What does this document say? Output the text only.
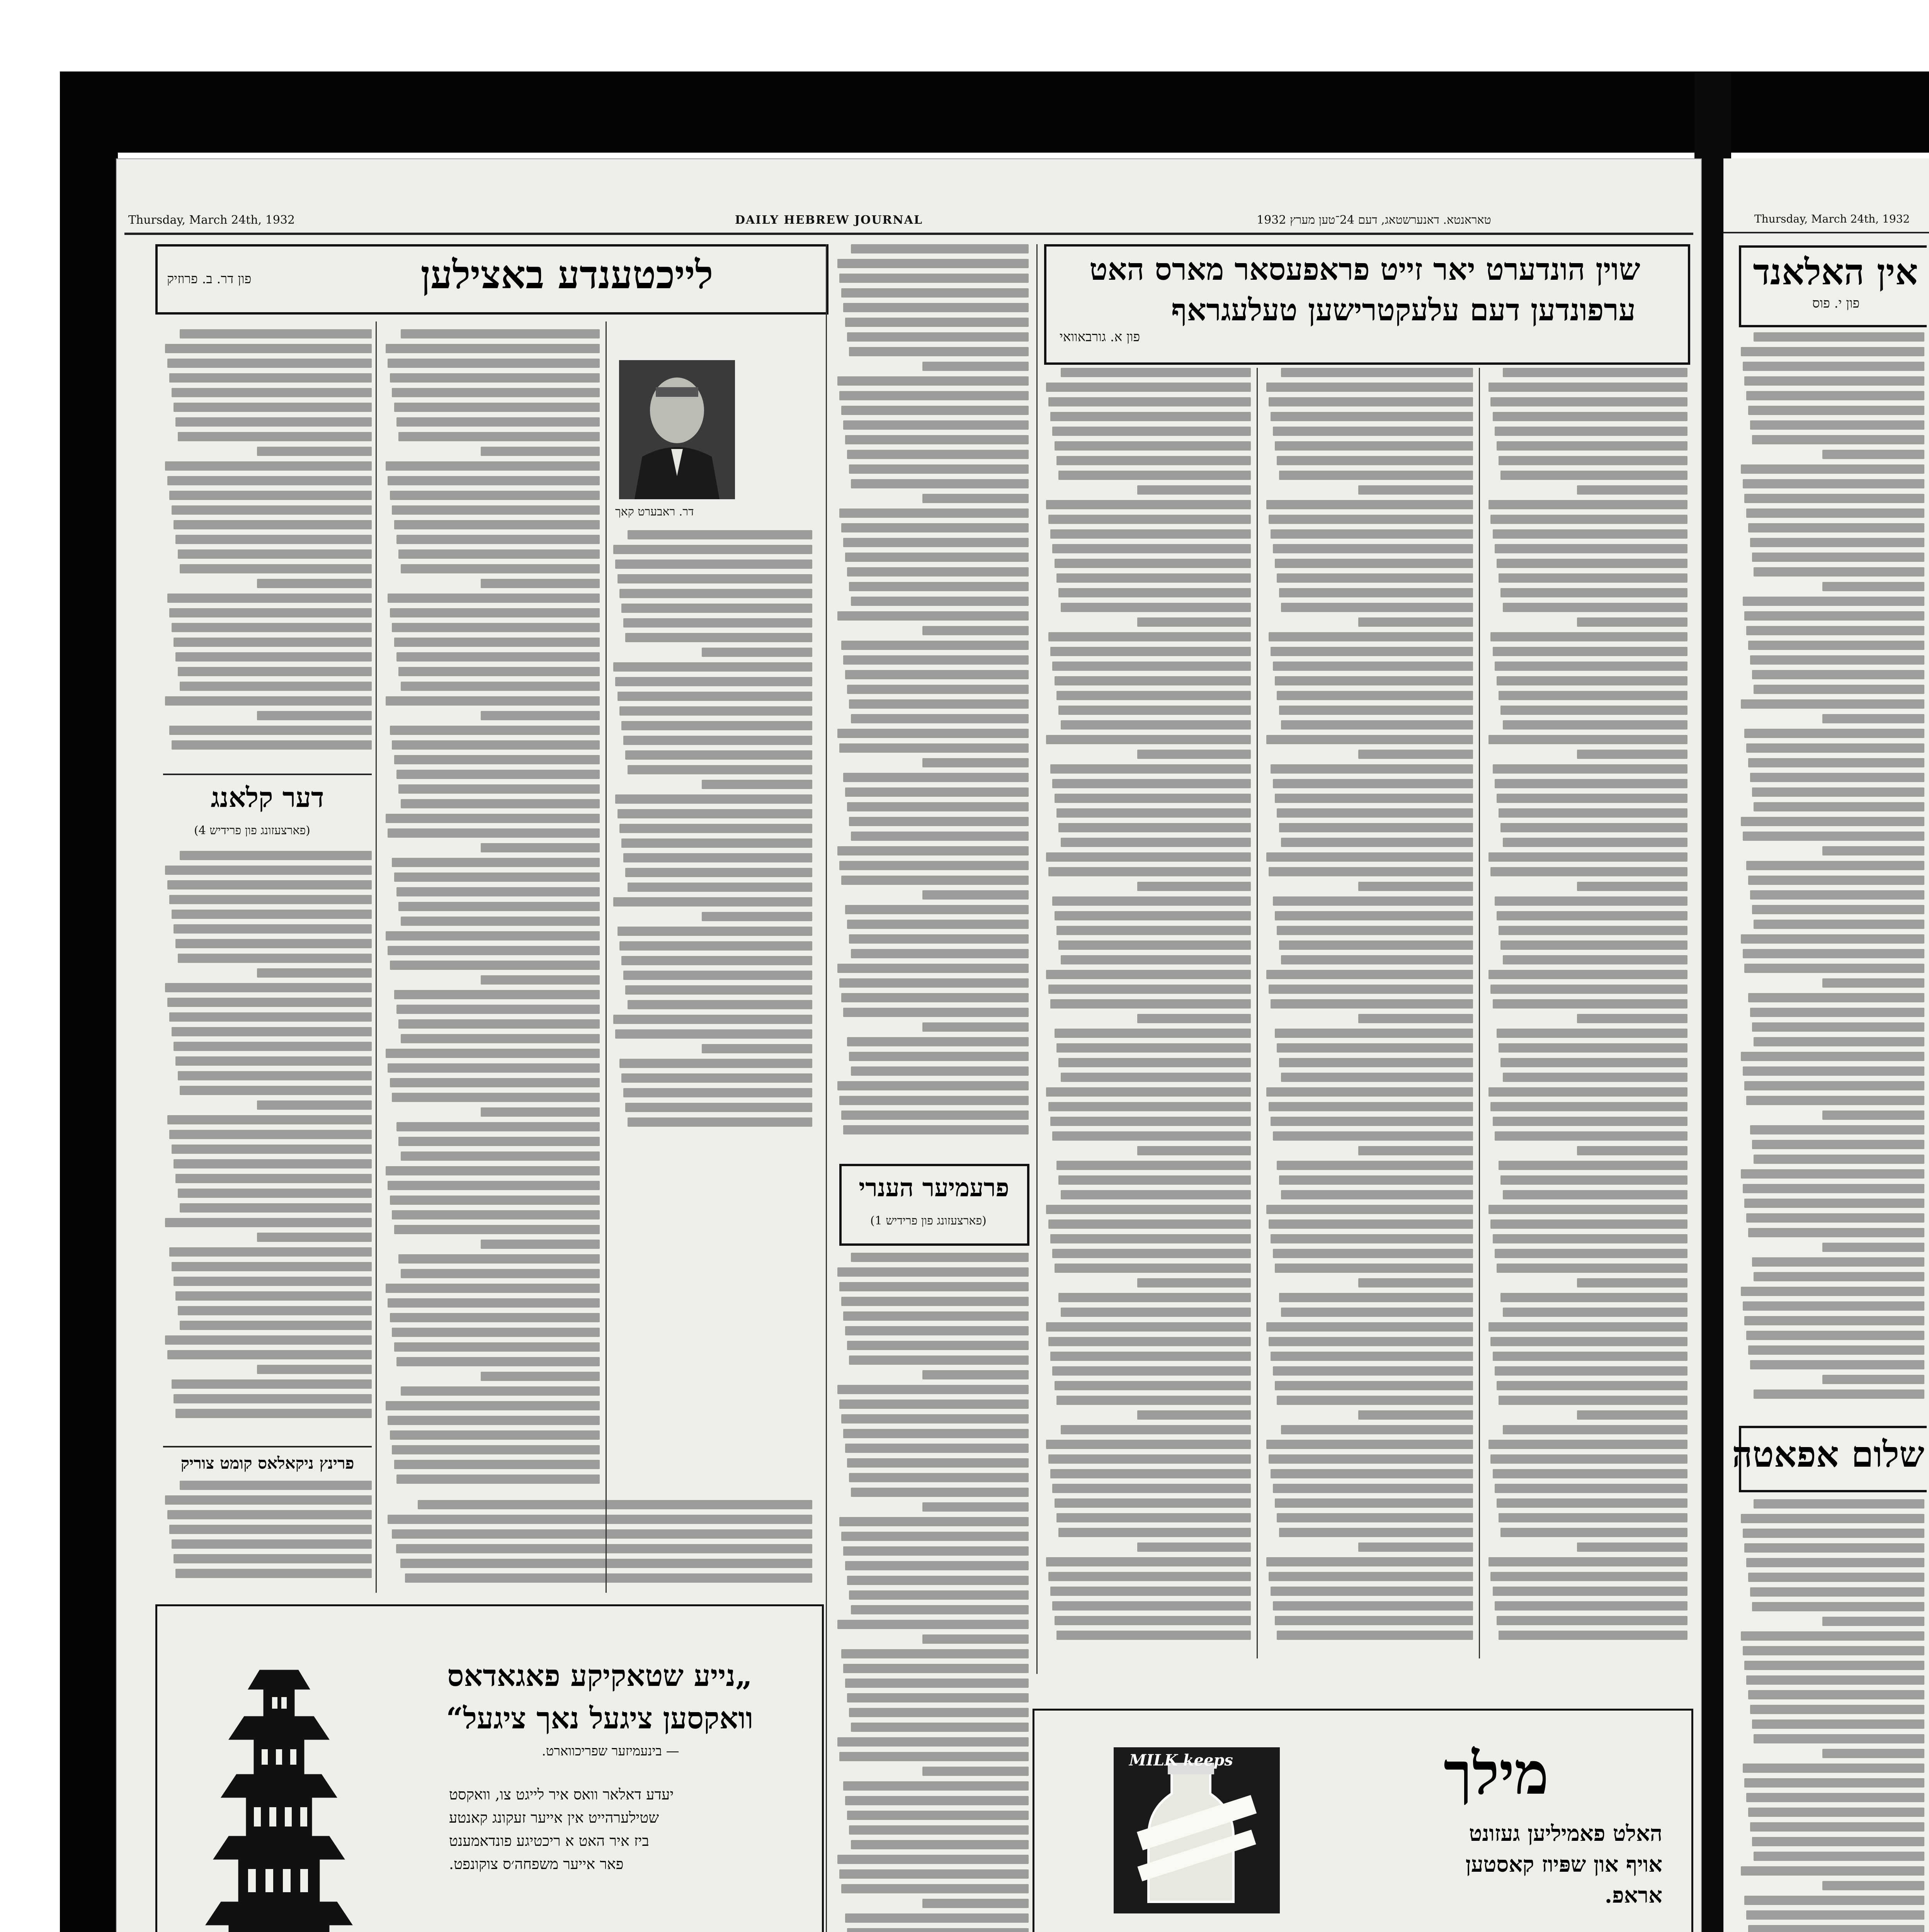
Thursday, March 24th, 1932	DAILY HEBREW JOURNAL	טאראנטא. דאנערשטאג, דעם 24־טען מערץ 1932
לייכטענדע באצילען
פון דר. ב. פרוזיק
דר. ראבערט קאך
דער קלאנג
(פארצעזונג פון פרידיש 4)
פרינץ ניקאלאס קומט צוריק
פרעמיער הענרי
(פארצעזונג פון פרידיש 1)
שוין הונדערט יאר זייט פראפעסאר מארס האט
ערפונדען דעם עלעקטרישען טעלעגראף
פון א. גורבאוואי
„נייע שטאקיקע פאגאדאס
וואקסען ציגעל נאך ציגעל“
— בינעמיזער שפריכווארט.
יעדע דאלאר וואס איר לייגט צו, וואקסט
שטילערהייט אין אייער זעקונג קאנטע
ביז איר האט א ריכטיגע פונדאמענט
פאר אייער משפחה׳ס צוקונפט.
MILK keeps	מילך
האלט פאמיליען געזונט
אויף און שפּיוז קאסטען
אראפ.
Thursday, March 24th, 1932
אין האלאנד
פון י. פוס
שלום אפאטה
